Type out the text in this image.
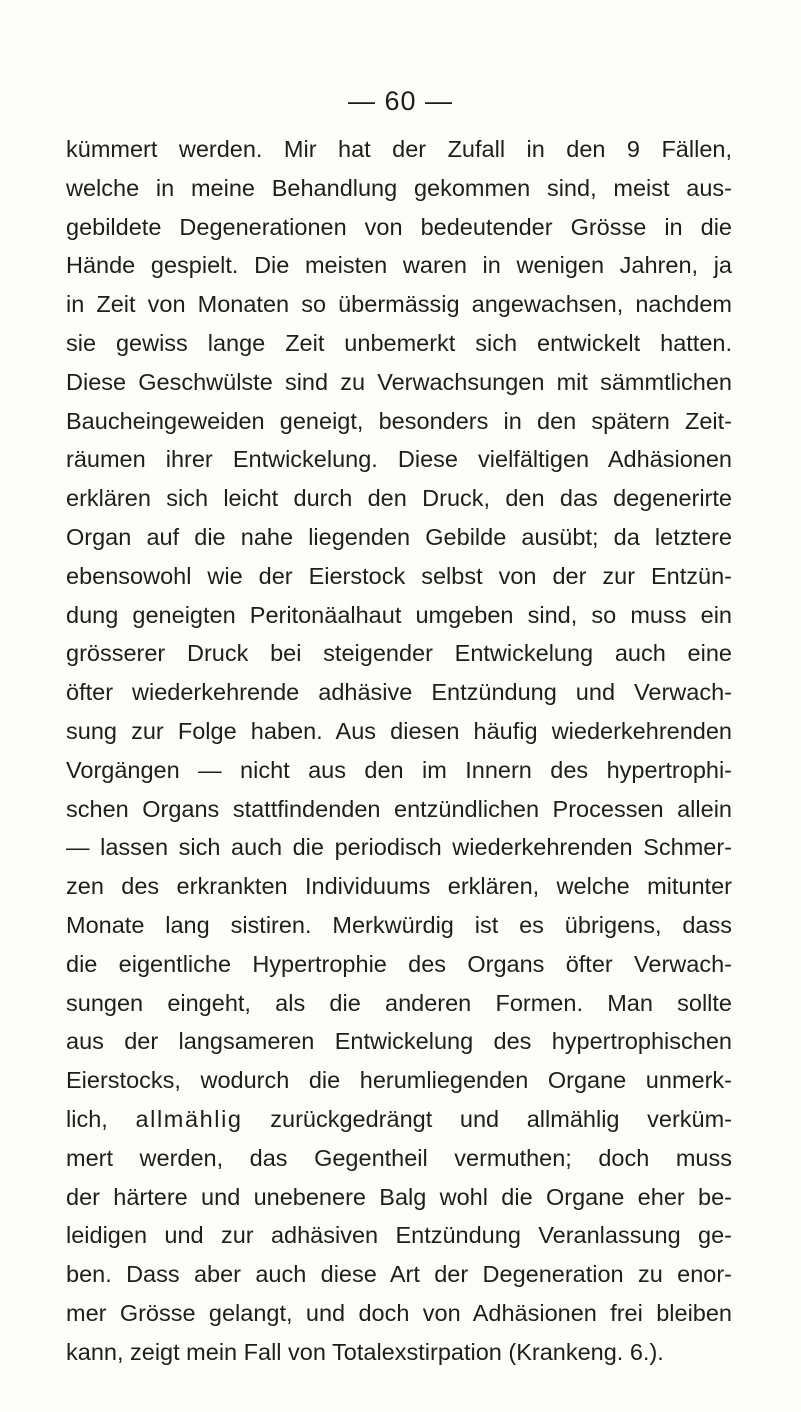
— 60 —
kümmert werden. Mir hat der Zufall in den 9 Fällen,
welche in meine Behandlung gekommen sind, meist aus-
gebildete Degenerationen von bedeutender Grösse in die
Hände gespielt. Die meisten waren in wenigen Jahren, ja
in Zeit von Monaten so übermässig angewachsen, nachdem
sie gewiss lange Zeit unbemerkt sich entwickelt hatten.
Diese Geschwülste sind zu Verwachsungen mit sämmtlichen
Baucheingeweiden geneigt, besonders in den spätern Zeit-
räumen ihrer Entwickelung. Diese vielfältigen Adhäsionen
erklären sich leicht durch den Druck, den das degenerirte
Organ auf die nahe liegenden Gebilde ausübt; da letztere
ebensowohl wie der Eierstock selbst von der zur Entzün-
dung geneigten Peritonäalhaut umgeben sind, so muss ein
grösserer Druck bei steigender Entwickelung auch eine
öfter wiederkehrende adhäsive Entzündung und Verwach-
sung zur Folge haben. Aus diesen häufig wiederkehrenden
Vorgängen — nicht aus den im Innern des hypertrophi-
schen Organs stattfindenden entzündlichen Processen allein
— lassen sich auch die periodisch wiederkehrenden Schmer-
zen des erkrankten Individuums erklären, welche mitunter
Monate lang sistiren. Merkwürdig ist es übrigens, dass
die eigentliche Hypertrophie des Organs öfter Verwach-
sungen eingeht, als die anderen Formen. Man sollte
aus der langsameren Entwickelung des hypertrophischen
Eierstocks, wodurch die herumliegenden Organe unmerk-
lich, allmählig zurückgedrängt und allmählig verküm-
mert werden, das Gegentheil vermuthen; doch muss
der härtere und unebenere Balg wohl die Organe eher be-
leidigen und zur adhäsiven Entzündung Veranlassung ge-
ben. Dass aber auch diese Art der Degeneration zu enor-
mer Grösse gelangt, und doch von Adhäsionen frei bleiben
kann, zeigt mein Fall von Totalexstirpation (Krankeng. 6.).
